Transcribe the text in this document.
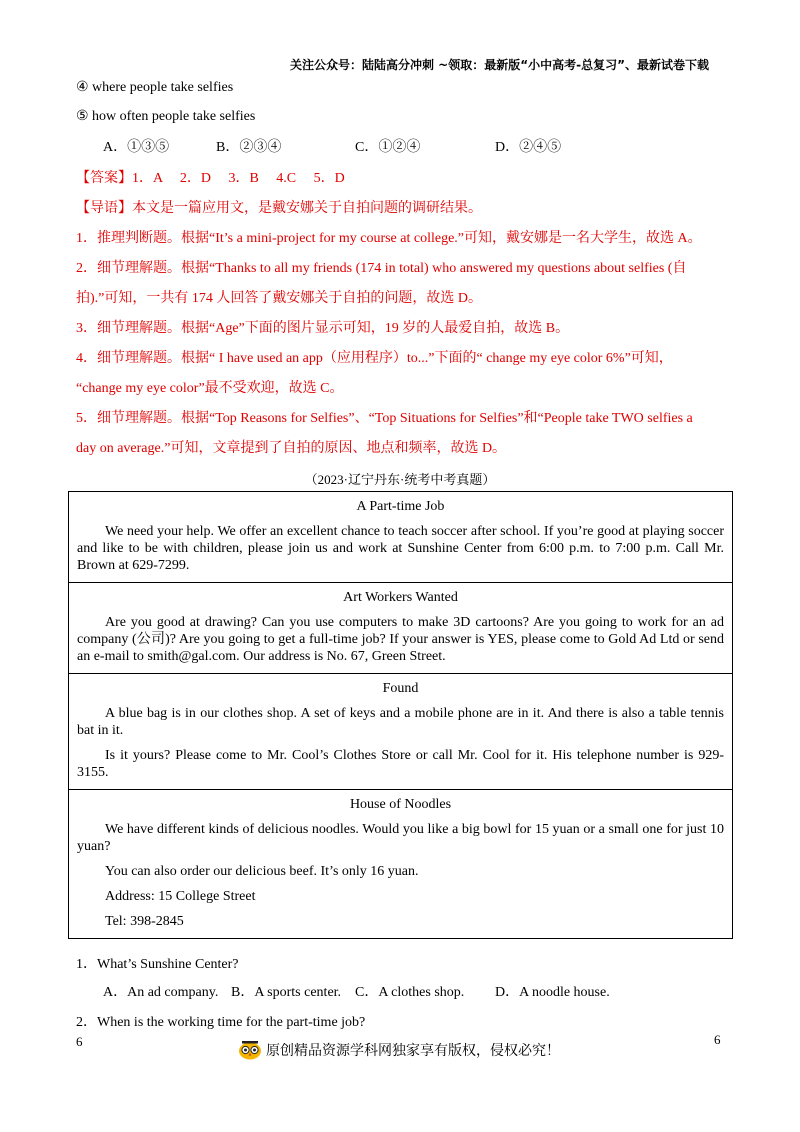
关注公众号：陆陆高分冲刺 ~领取：最新版“小中高考-总复习”、最新试卷下载
④ where people take selfies
⑤ how often people take selfies
A．①③⑤	B．②③④	C．①②④	D．②④⑤
【答案】1．A　 2．D　 3．B　 4.C　 5．D
【导语】本文是一篇应用文，是戴安娜关于自拍问题的调研结果。
1．推理判断题。根据“It’s a mini-project for my course at college.”可知，戴安娜是一名大学生，故选 A。
2．细节理解题。根据“Thanks to all my friends (174 in total) who answered my questions about selfies (自
拍).”可知，一共有 174 人回答了戴安娜关于自拍的问题，故选 D。
3．细节理解题。根据“Age”下面的图片显示可知，19 岁的人最爱自拍，故选 B。
4．细节理解题。根据“ I have used an app（应用程序）to...”下面的“ change my eye color 6%”可知，
“change my eye color”最不受欢迎，故选 C。
5．细节理解题。根据“Top Reasons for Selfies”、“Top Situations for Selfies”和“People take TWO selfies a
day on average.”可知，文章提到了自拍的原因、地点和频率，故选 D。
（2023·辽宁丹东·统考中考真题）
A Part-time Job

We need your help. We offer an excellent chance to teach soccer after school. If you’re good at playing soccer and like to be with children, please join us and work at Sunshine Center from 6:00 p.m. to 7:00 p.m. Call Mr. Brown at 629-7299.

Art Workers Wanted

Are you good at drawing? Can you use computers to make 3D cartoons? Are you going to work for an ad company (公司)? Are you going to get a full-time job? If your answer is YES, please come to Gold Ad Ltd or send an e-mail to smith@gal.com. Our address is No. 67, Green Street.

Found

A blue bag is in our clothes shop. A set of keys and a mobile phone are in it. And there is also a table tennis bat in it.

Is it yours? Please come to Mr. Cool’s Clothes Store or call Mr. Cool for it. His telephone number is 929-3155.

House of Noodles

We have different kinds of delicious noodles. Would you like a big bowl for 15 yuan or a small one for just 10 yuan?

You can also order our delicious beef. It’s only 16 yuan.

Address: 15 College Street

Tel: 398-2845

1．What’s Sunshine Center?
A．An ad company. B．A sports center. C．A clothes shop. D．A noodle house.
2．When is the working time for the part-time job?
6	6
原创精品资源学科网独家享有版权，侵权必究！
